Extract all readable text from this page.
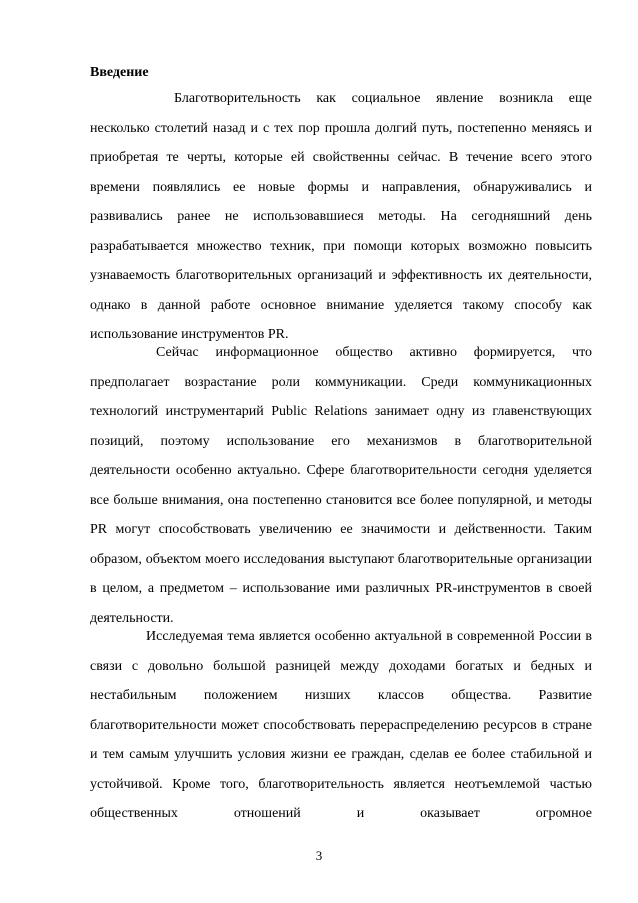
Введение

Благотворительность как социальное явление возникла еще несколько столетий назад и с тех пор прошла долгий путь, постепенно меняясь и приобретая те черты, которые ей свойственны сейчас. В течение всего этого времени появлялись ее новые формы и направления, обнаруживались и развивались ранее не использовавшиеся методы. На сегодняшний день разрабатывается множество техник, при помощи которых возможно повысить узнаваемость благотворительных организаций и эффективность их деятельности, однако в данной работе основное внимание уделяется такому способу как использование инструментов PR.

Сейчас информационное общество активно формируется, что предполагает возрастание роли коммуникации. Среди коммуникационных технологий инструментарий Public Relations занимает одну из главенствующих позиций, поэтому использование его механизмов в благотворительной деятельности особенно актуально. Сфере благотворительности сегодня уделяется все больше внимания, она постепенно становится все более популярной, и методы PR могут способствовать увеличению ее значимости и действенности. Таким образом, объектом моего исследования выступают благотворительные организации в целом, а предметом – использование ими различных PR-инструментов в своей деятельности.

Исследуемая тема является особенно актуальной в современной России в связи с довольно большой разницей между доходами богатых и бедных и нестабильным положением низших классов общества. Развитие благотворительности может способствовать перераспределению ресурсов в стране и тем самым улучшить условия жизни ее граждан, сделав ее более стабильной и устойчивой. Кроме того, благотворительность является неотъемлемой частью общественных отношений и оказывает огромное

3
